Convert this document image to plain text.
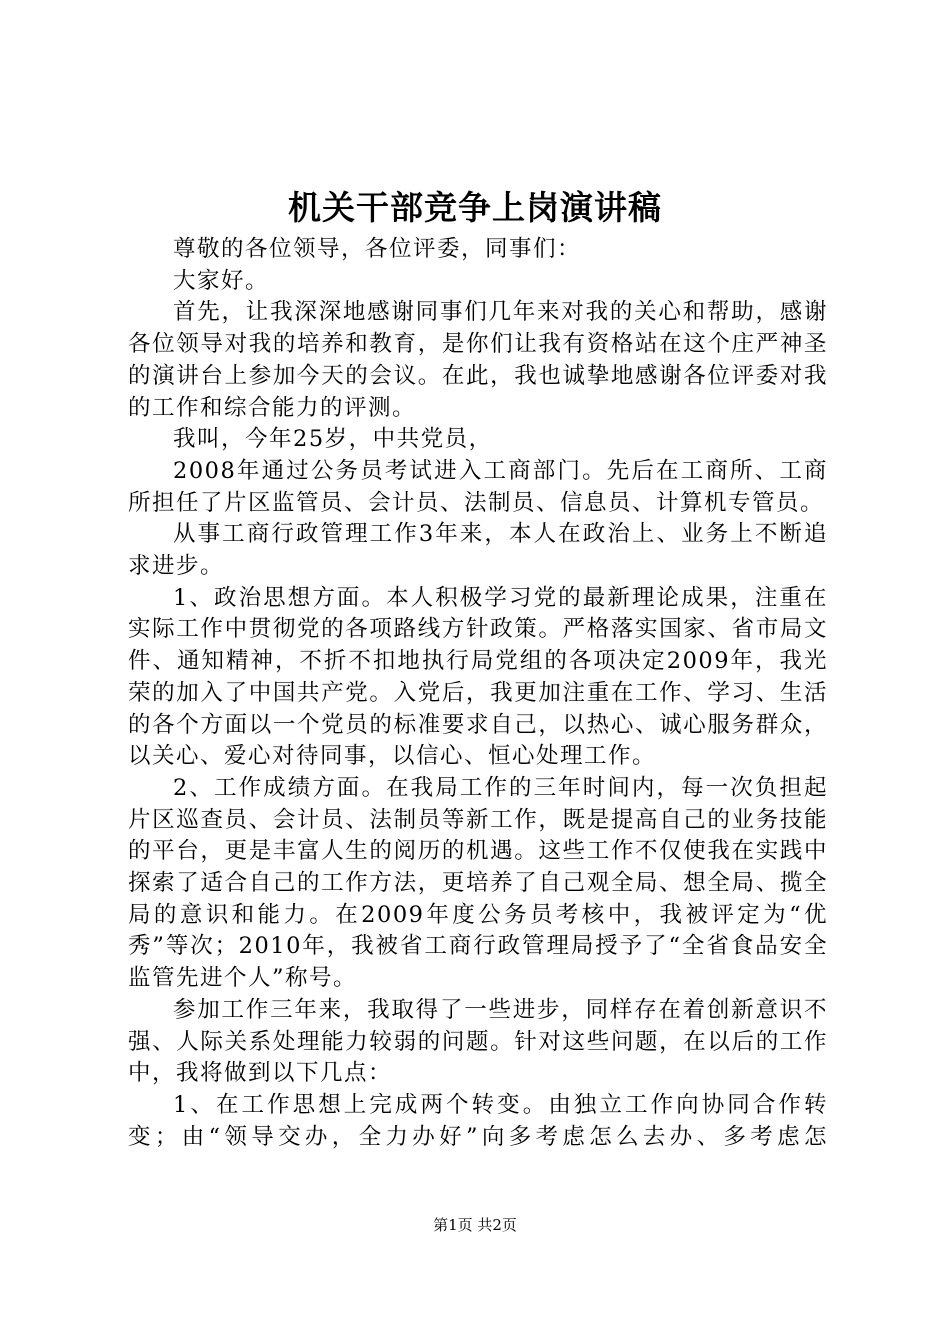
机关干部竞争上岗演讲稿

尊敬的各位领导，各位评委，同事们：

大家好。

首先，让我深深地感谢同事们几年来对我的关心和帮助，感谢各位领导对我的培养和教育，是你们让我有资格站在这个庄严神圣的演讲台上参加今天的会议。在此，我也诚挚地感谢各位评委对我的工作和综合能力的评测。

我叫，今年25岁，中共党员，

2008年通过公务员考试进入工商部门。先后在工商所、工商所担任了片区监管员、会计员、法制员、信息员、计算机专管员。

从事工商行政管理工作3年来，本人在政治上、业务上不断追求进步。

1、政治思想方面。本人积极学习党的最新理论成果，注重在实际工作中贯彻党的各项路线方针政策。严格落实国家、省市局文件、通知精神，不折不扣地执行局党组的各项决定2009年，我光荣的加入了中国共产党。入党后，我更加注重在工作、学习、生活的各个方面以一个党员的标准要求自己，以热心、诚心服务群众，以关心、爱心对待同事，以信心、恒心处理工作。

2、工作成绩方面。在我局工作的三年时间内，每一次负担起片区巡查员、会计员、法制员等新工作，既是提高自己的业务技能的平台，更是丰富人生的阅历的机遇。这些工作不仅使我在实践中探索了适合自己的工作方法，更培养了自己观全局、想全局、揽全局的意识和能力。在2009年度公务员考核中，我被评定为“优秀”等次；2010年，我被省工商行政管理局授予了“全省食品安全监管先进个人”称号。

参加工作三年来，我取得了一些进步，同样存在着创新意识不强、人际关系处理能力较弱的问题。针对这些问题，在以后的工作中，我将做到以下几点：

1、在工作思想上完成两个转变。由独立工作向协同合作转变；由“领导交办，全力办好”向多考虑怎么去办、多考虑怎

第1页 共2页
